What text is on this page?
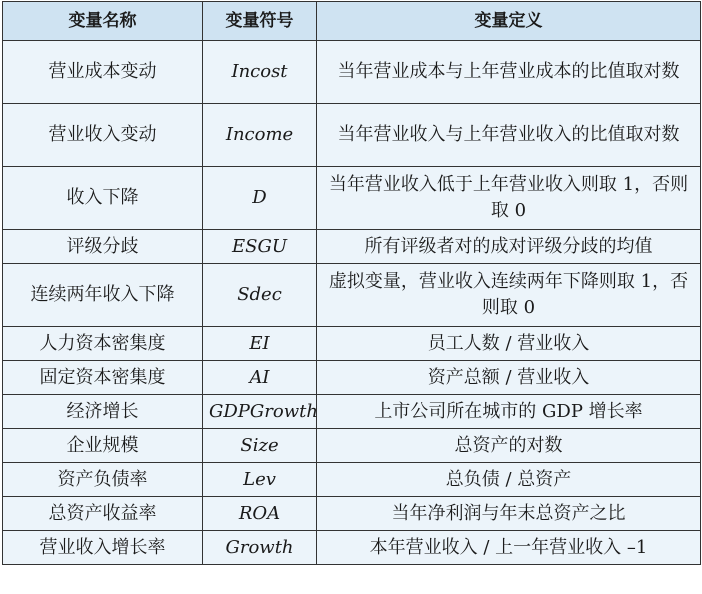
变量名称	变量符号	变量定义
营业成本变动	Incost	当年营业成本与上年营业成本的比值取对数
营业收入变动	Income	当年营业收入与上年营业收入的比值取对数
收入下降	D	当年营业收入低于上年营业收入则取 1，否则取 0
评级分歧	ESGU	所有评级者对的成对评级分歧的均值
连续两年收入下降	Sdec	虚拟变量，营业收入连续两年下降则取 1，否则取 0
人力资本密集度	EI	员工人数 / 营业收入
固定资本密集度	AI	资产总额 / 营业收入
经济增长	GDPGrowth	上市公司所在城市的 GDP 增长率
企业规模	Size	总资产的对数
资产负债率	Lev	总负债 / 总资产
总资产收益率	ROA	当年净利润与年末总资产之比
营业收入增长率	Growth	本年营业收入 / 上一年营业收入 –1
